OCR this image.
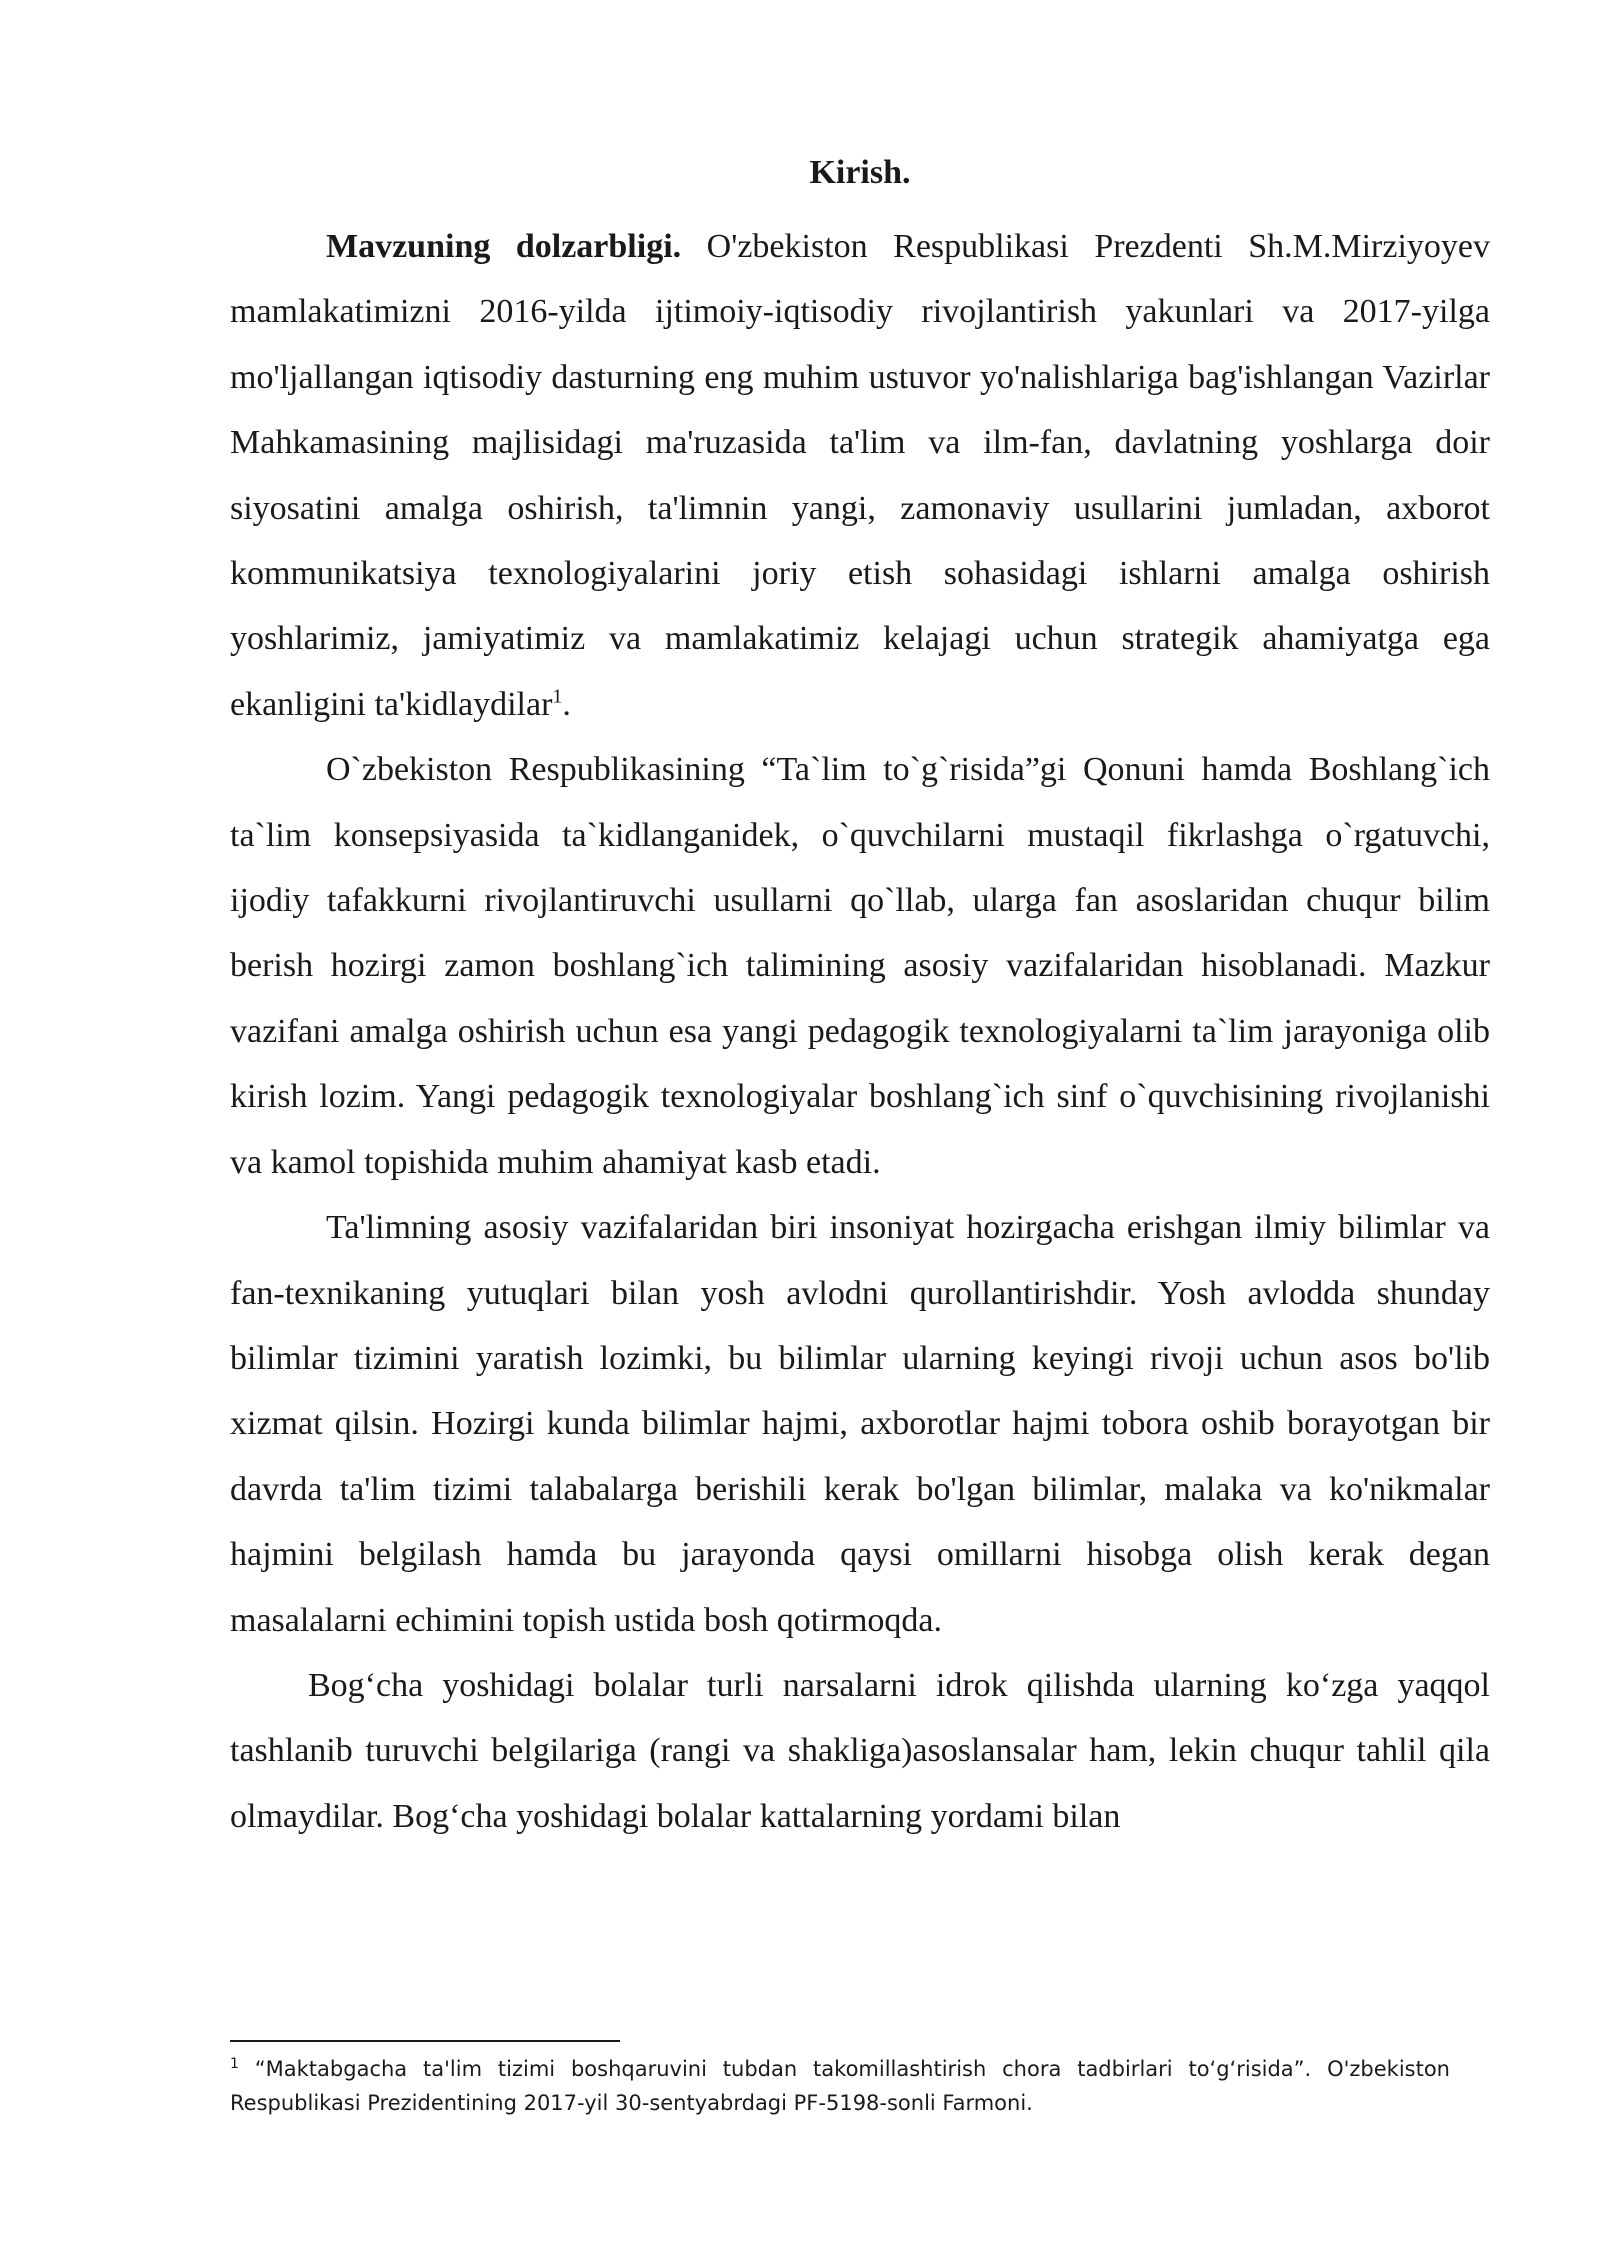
Kirish.

Mavzuning dolzarbligi. O'zbekiston Respublikasi Prezdenti Sh.M.Mirziyoyev mamlakatimizni 2016-yilda ijtimoiy-iqtisodiy rivojlantirish yakunlari va 2017-yilga mo'ljallangan iqtisodiy dasturning eng muhim ustuvor yo'nalishlariga bag'ishlangan Vazirlar Mahkamasining majlisidagi ma'ruzasida ta'lim va ilm-fan, davlatning yoshlarga doir siyosatini amalga oshirish, ta'limnin yangi, zamonaviy usullarini jumladan, axborot kommunikatsiya texnologiyalarini joriy etish sohasidagi ishlarni amalga oshirish yoshlarimiz, jamiyatimiz va mamlakatimiz kelajagi uchun strategik ahamiyatga ega ekanligini ta'kidlaydilar$^1$.

O`zbekiston Respublikasining “Ta`lim to`g`risida”gi Qonuni hamda Boshlang`ich ta`lim konsepsiyasida ta`kidlanganidek, o`quvchilarni mustaqil fikrlashga o`rgatuvchi, ijodiy tafakkurni rivojlantiruvchi usullarni qo`llab, ularga fan asoslaridan chuqur bilim berish hozirgi zamon boshlang`ich talimining asosiy vazifalaridan hisoblanadi. Mazkur vazifani amalga oshirish uchun esa yangi pedagogik texnologiyalarni ta`lim jarayoniga olib kirish lozim. Yangi pedagogik texnologiyalar boshlang`ich sinf o`quvchisining rivojlanishi va kamol topishida muhim ahamiyat kasb etadi.

Ta'limning asosiy vazifalaridan biri insoniyat hozirgacha erishgan ilmiy bilimlar va fan-texnikaning yutuqlari bilan yosh avlodni qurollantirishdir. Yosh avlodda shunday bilimlar tizimini yaratish lozimki, bu bilimlar ularning keyingi rivoji uchun asos bo'lib xizmat qilsin. Hozirgi kunda bilimlar hajmi, axborotlar hajmi tobora oshib borayotgan bir davrda ta'lim tizimi talabalarga berishili kerak bo'lgan bilimlar, malaka va ko'nikmalar hajmini belgilash hamda bu jarayonda qaysi omillarni hisobga olish kerak degan masalalarni echimini topish ustida bosh qotirmoqda.

Bog‘cha yoshidagi bolalar turli narsalarni idrok qilishda ularning ko‘zga yaqqol tashlanib turuvchi belgilariga (rangi va shakliga)asoslansalar ham, lekin chuqur tahlil qila olmaydilar. Bog‘cha yoshidagi bolalar kattalarning yordami bilan

$^1$ “Maktabgacha ta'lim tizimi boshqaruvini tubdan takomillashtirish chora tadbirlari to‘g‘risida”. O'zbekiston Respublikasi Prezidentining 2017-yil 30-sentyabrdagi PF-5198-sonli Farmoni.
